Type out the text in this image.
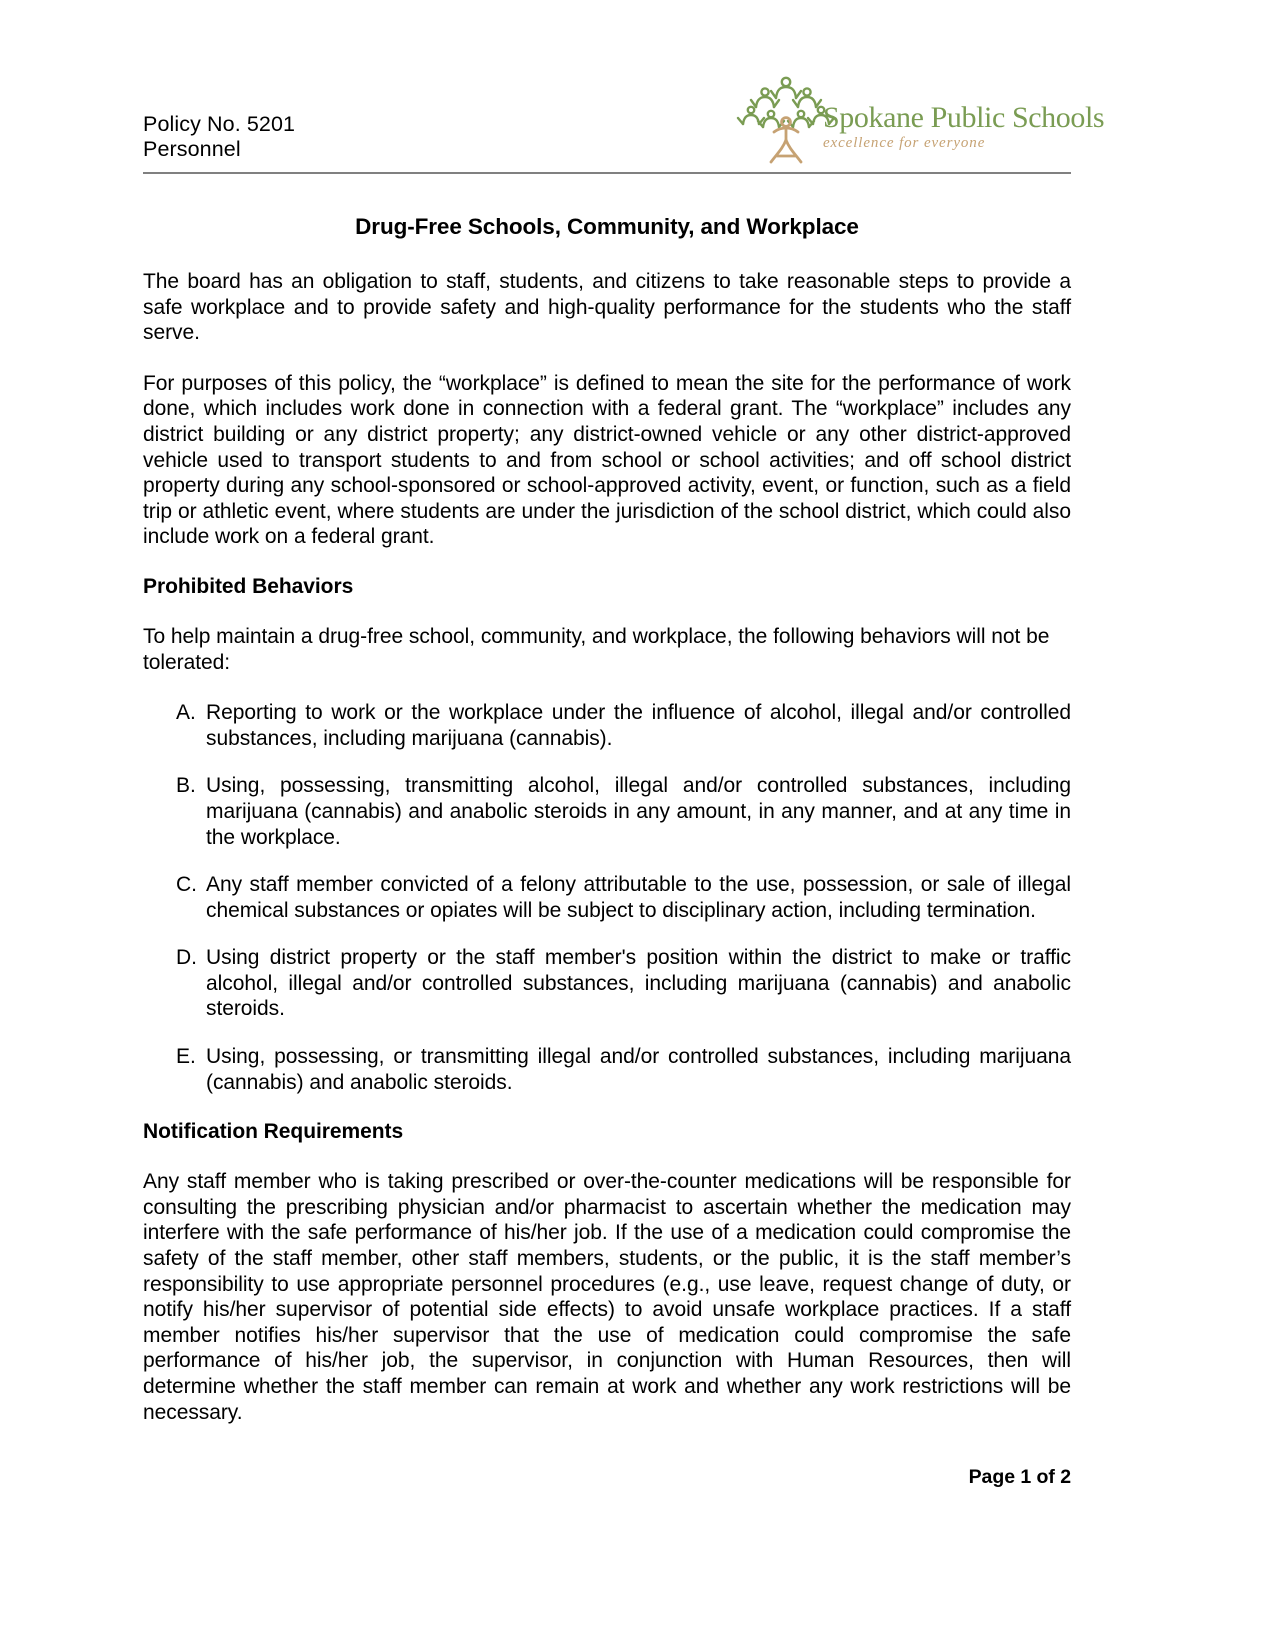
Policy No. 5201
Personnel
Spokane Public Schools
excellence for everyone
Drug-Free Schools, Community, and Workplace

The board has an obligation to staff, students, and citizens to take reasonable steps to provide a safe workplace and to provide safety and high-quality performance for the students who the staff serve.

For purposes of this policy, the “workplace” is defined to mean the site for the performance of work done, which includes work done in connection with a federal grant. The “workplace” includes any district building or any district property; any district-owned vehicle or any other district-approved vehicle used to transport students to and from school or school activities; and off school district property during any school-sponsored or school-approved activity, event, or function, such as a field trip or athletic event, where students are under the jurisdiction of the school district, which could also include work on a federal grant.

Prohibited Behaviors

To help maintain a drug-free school, community, and workplace, the following behaviors will not be tolerated:

A. Reporting to work or the workplace under the influence of alcohol, illegal and/or controlled substances, including marijuana (cannabis).
B. Using, possessing, transmitting alcohol, illegal and/or controlled substances, including marijuana (cannabis) and anabolic steroids in any amount, in any manner, and at any time in the workplace.
C. Any staff member convicted of a felony attributable to the use, possession, or sale of illegal chemical substances or opiates will be subject to disciplinary action, including termination.
D. Using district property or the staff member's position within the district to make or traffic alcohol, illegal and/or controlled substances, including marijuana (cannabis) and anabolic steroids.
E. Using, possessing, or transmitting illegal and/or controlled substances, including marijuana (cannabis) and anabolic steroids.
Notification Requirements

Any staff member who is taking prescribed or over-the-counter medications will be responsible for consulting the prescribing physician and/or pharmacist to ascertain whether the medication may interfere with the safe performance of his/her job. If the use of a medication could compromise the safety of the staff member, other staff members, students, or the public, it is the staff member’s responsibility to use appropriate personnel procedures (e.g., use leave, request change of duty, or notify his/her supervisor of potential side effects) to avoid unsafe workplace practices. If a staff member notifies his/her supervisor that the use of medication could compromise the safe performance of his/her job, the supervisor, in conjunction with Human Resources, then will determine whether the staff member can remain at work and whether any work restrictions will be necessary.

Page 1 of 2
